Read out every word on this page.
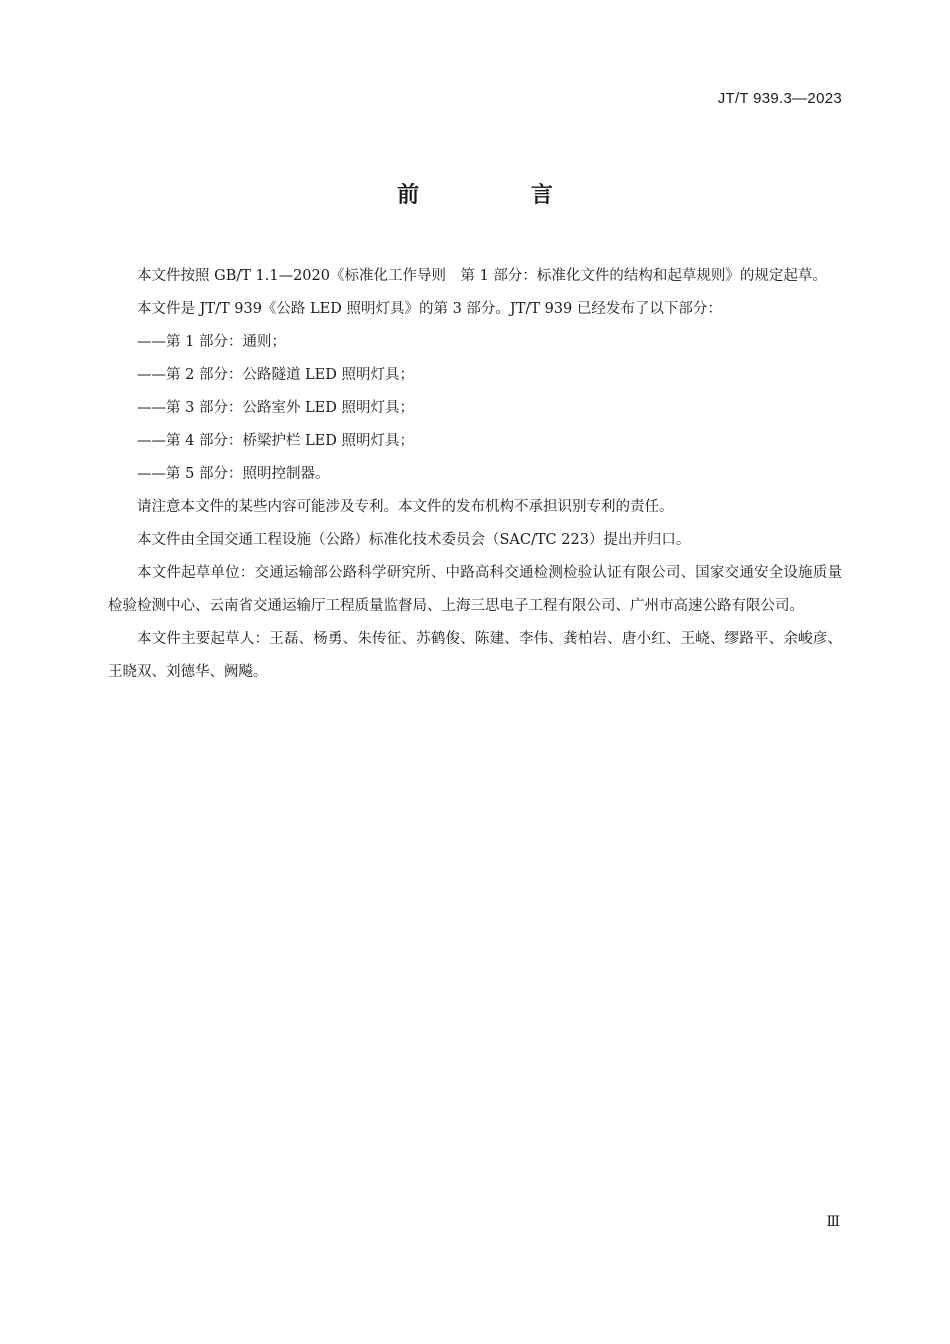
JT/T 939.3—2023
前 言

本文件按照 GB/T 1.1—2020《标准化工作导则　第 1 部分：标准化文件的结构和起草规则》的规定起草。

本文件是 JT/T 939《公路 LED 照明灯具》的第 3 部分。JT/T 939 已经发布了以下部分：

——第 1 部分：通则；

——第 2 部分：公路隧道 LED 照明灯具；

——第 3 部分：公路室外 LED 照明灯具；

——第 4 部分：桥梁护栏 LED 照明灯具；

——第 5 部分：照明控制器。

请注意本文件的某些内容可能涉及专利。本文件的发布机构不承担识别专利的责任。

本文件由全国交通工程设施（公路）标准化技术委员会（SAC/TC 223）提出并归口。

本文件起草单位：交通运输部公路科学研究所、中路高科交通检测检验认证有限公司、国家交通安全设施质量检验检测中心、云南省交通运输厅工程质量监督局、上海三思电子工程有限公司、广州市高速公路有限公司。

本文件主要起草人：王磊、杨勇、朱传征、苏鹤俊、陈建、李伟、龚柏岩、唐小红、王峣、缪路平、余峻彦、王晓双、刘德华、阙飚。

Ⅲ
